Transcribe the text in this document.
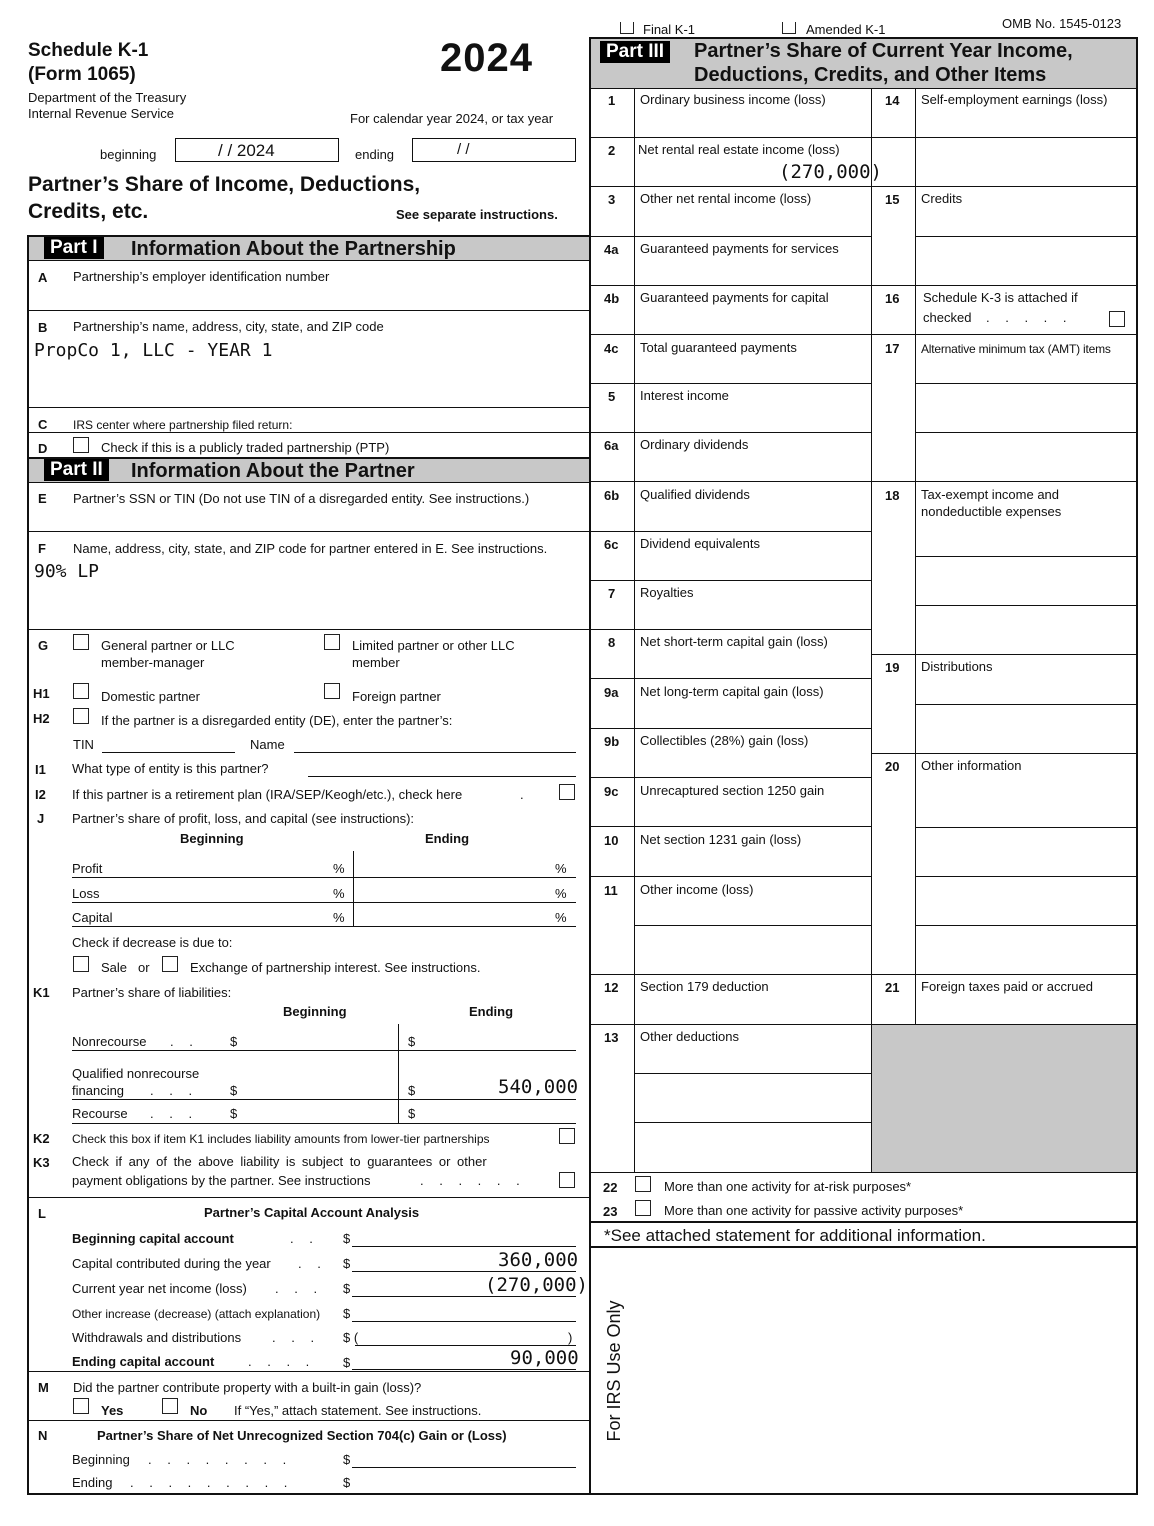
Final K-1	Amended K-1	OMB No. 1545-0123
Schedule K-1
(Form 1065)	2024
Department of the Treasury
Internal Revenue Service	For calendar year 2024, or tax year
beginning	/ / 2024	ending	/ /
Partner’s Share of Income, Deductions,
Credits, etc.	See separate instructions.
Part I	Information About the Partnership
A Partnership’s employer identification number
B Partnership’s name, address, city, state, and ZIP code
PropCo 1, LLC - YEAR 1
C IRS center where partnership filed return:
D	Check if this is a publicly traded partnership (PTP)
Part II	Information About the Partner
E Partner’s SSN or TIN (Do not use TIN of a disregarded entity. See instructions.)
F Name, address, city, state, and ZIP code for partner entered in E. See instructions.
90% LP
G	General partner or LLC
member-manager
Limited partner or other LLC
member
H1	Domestic partner	Foreign partner
H2	If the partner is a disregarded entity (DE), enter the partner’s:
TIN	Name
I1 What type of entity is this partner?
I2 If this partner is a retirement plan (IRA/SEP/Keogh/etc.), check here	.
J Partner’s share of profit, loss, and capital (see instructions):
Beginning	Ending
Profit	%	%
Loss	%	%
Capital	%	%
Check if decrease is due to:
Sale or	Exchange of partnership interest. See instructions.
K1 Partner’s share of liabilities:
Beginning	Ending
Nonrecourse . . $	$
Qualified nonrecourse
financing . . . $	$	540,000
Recourse . . . $	$
K2 Check this box if item K1 includes liability amounts from lower-tier partnerships
K3 Check if any of the above liability is subject to guarantees or other
payment obligations by the partner. See instructions	. . . . . .
L	Partner’s Capital Account Analysis
Beginning capital account	. . $
Capital contributed during the year . . $	360,000
Current year net income (loss) . . . $	(270,000)
Other increase (decrease) (attach explanation) $
Withdrawals and distributions . . . $ (	)
Ending capital account	. . . . $	90,000
M Did the partner contribute property with a built-in gain (loss)?
Yes	No If “Yes,” attach statement. See instructions.
N	Partner’s Share of Net Unrecognized Section 704(c) Gain or (Loss)
Beginning . . . . . . . .	$
Ending . . . . . . . . .	$
Part III	Partner’s Share of Current Year Income,
Deductions, Credits, and Other Items
1 Ordinary business income (loss)
2 Net rental real estate income (loss)
(270,000)
3 Other net rental income (loss)
4a Guaranteed payments for services
4b Guaranteed payments for capital
4c Total guaranteed payments
5 Interest income
6a Ordinary dividends
6b Qualified dividends
6c Dividend equivalents
7 Royalties
8 Net short-term capital gain (loss)
9a Net long-term capital gain (loss)
9b Collectibles (28%) gain (loss)
9c Unrecaptured section 1250 gain
10 Net section 1231 gain (loss)
11 Other income (loss)
12 Section 179 deduction
13 Other deductions
14 Self-employment earnings (loss)
15 Credits
16 Schedule K-3 is attached if
checked . . . . .
17 Alternative minimum tax (AMT) items
18 Tax-exempt income and
nondeductible expenses
19 Distributions
20 Other information
21 Foreign taxes paid or accrued
22	More than one activity for at-risk purposes*
23	More than one activity for passive activity purposes*
*See attached statement for additional information.
For IRS Use Only
